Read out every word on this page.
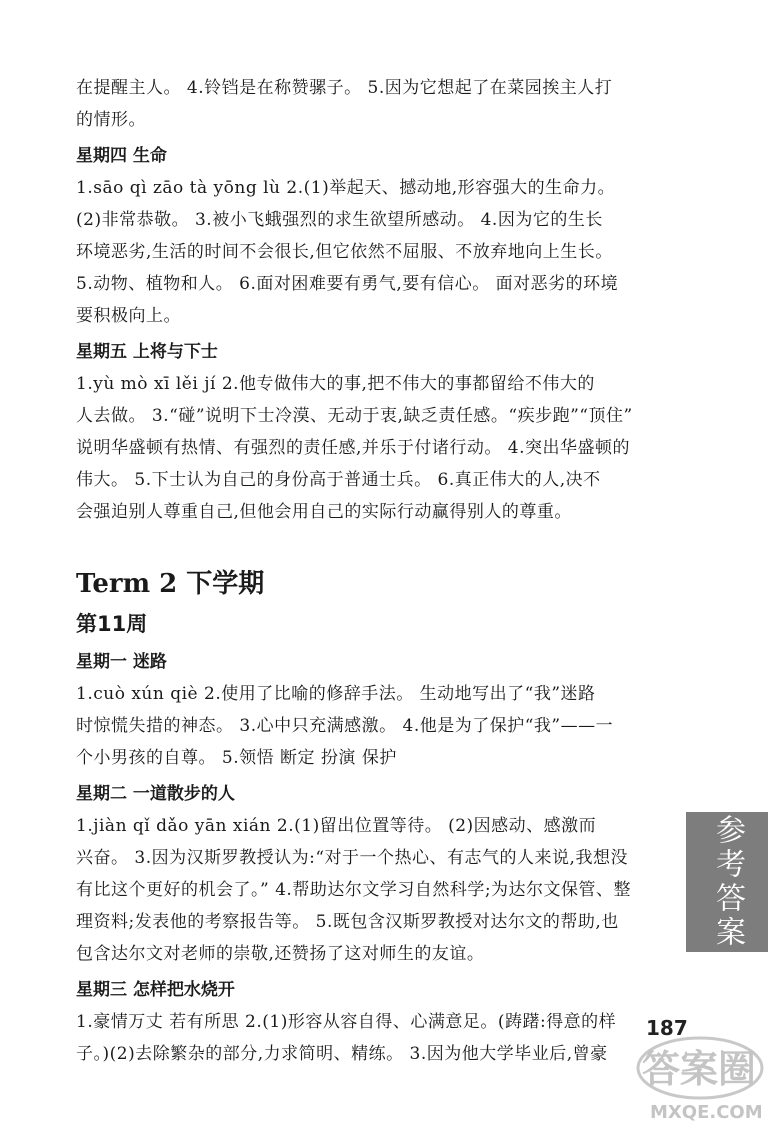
在提醒主人。 4.铃铛是在称赞骡子。 5.因为它想起了在菜园挨主人打
的情形。
星期四 生命
1.sāo qì zāo tà yōng lù 2.(1)举起天、撼动地,形容强大的生命力。
(2)非常恭敬。 3.被小飞蛾强烈的求生欲望所感动。 4.因为它的生长
环境恶劣,生活的时间不会很长,但它依然不屈服、不放弃地向上生长。
5.动物、植物和人。 6.面对困难要有勇气,要有信心。 面对恶劣的环境
要积极向上。
星期五 上将与下士
1.yù mò xī lěi jí 2.他专做伟大的事,把不伟大的事都留给不伟大的
人去做。 3.“碰”说明下士冷漠、无动于衷,缺乏责任感。“疾步跑”“顶住”
说明华盛顿有热情、有强烈的责任感,并乐于付诸行动。 4.突出华盛顿的
伟大。 5.下士认为自己的身份高于普通士兵。 6.真正伟大的人,决不
会强迫别人尊重自己,但他会用自己的实际行动赢得别人的尊重。
Term 2 下学期
第11周
星期一 迷路
1.cuò xún qiè 2.使用了比喻的修辞手法。 生动地写出了“我”迷路
时惊慌失措的神态。 3.心中只充满感激。 4.他是为了保护“我”——一
个小男孩的自尊。 5.领悟 断定 扮演 保护
星期二 一道散步的人
1.jiàn qǐ dǎo yān xián 2.(1)留出位置等待。 (2)因感动、感激而
兴奋。 3.因为汉斯罗教授认为:“对于一个热心、有志气的人来说,我想没
有比这个更好的机会了。” 4.帮助达尔文学习自然科学;为达尔文保管、整
理资料;发表他的考察报告等。 5.既包含汉斯罗教授对达尔文的帮助,也
包含达尔文对老师的崇敬,还赞扬了这对师生的友谊。
星期三 怎样把水烧开
1.豪情万丈 若有所思 2.(1)形容从容自得、心满意足。(踌躇:得意的样
子。)(2)去除繁杂的部分,力求简明、精练。 3.因为他大学毕业后,曾豪
参考答案
187
答案圈
MXQE.COM
